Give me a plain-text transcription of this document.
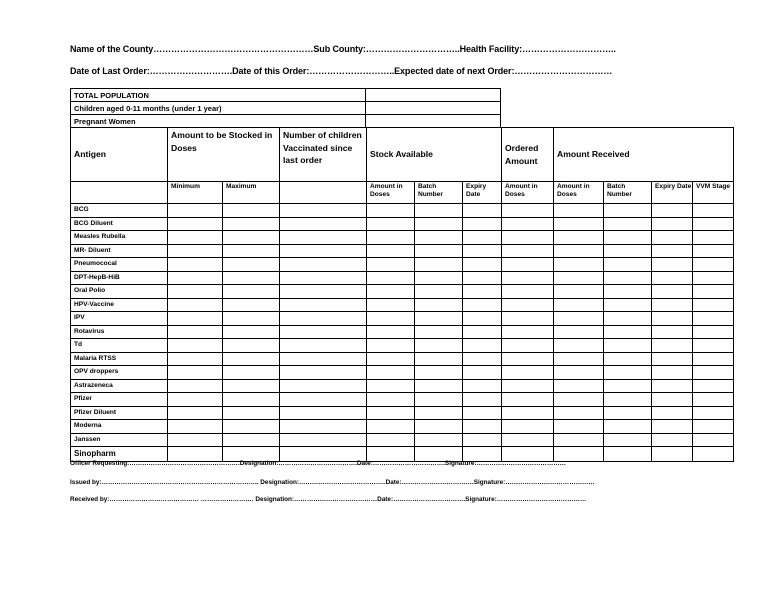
Name of the County………………………………………………Sub County:…………………………..Health Facility:…………………………..
Date of Last Order:……………………….Date of this Order:………………………..Expected date of next Order:……………………………
TOTAL POPULATION	
Children aged 0-11 months (under 1 year)	
Pregnant Women	
Antigen	Amount to be Stocked in Doses		Number of children Vaccinated since last order	Stock Available			Ordered Amount	Amount Received			
	Minimum	Maximum		Amount in Doses	Batch Number	Expiry Date	Amount in Doses	Amount in Doses	Batch Number	Expiry Date	VVM Stage
BCG											
BCG Diluent											
Measles Rubella											
MR- Diluent											
Pneumococal											
DPT-HepB-HiB											
Oral Polio											
HPV-Vaccine											
IPV											
Rotavirus											
Td											
Malaria RTSS											
OPV droppers											
Astrazeneca											
Pfizer											
Pfizer Diluent											
Moderna											
Janssen											
Sinopharm											
Officer Requesting:…………………………………………….Designation:……………………………….Date:…………………………….Signature:……………………………………
Issued by:……………………………………………………………….. Designation:…………………………………..Date:…………………………….Signature:……………………………………
Received by:…………………………………… ……………………. Designation:…………………………………Date:…………………………….Signature:……………………………………
